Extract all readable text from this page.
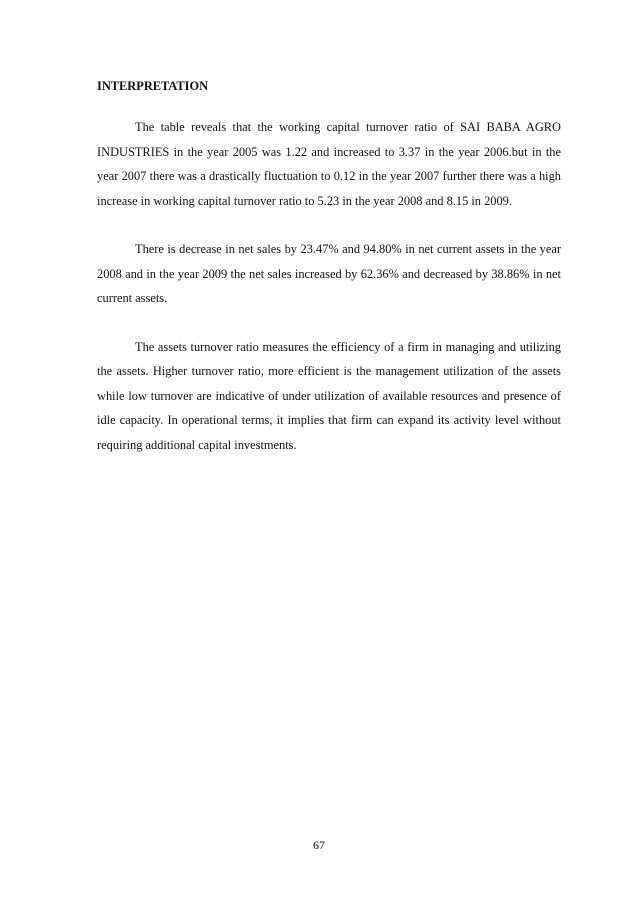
INTERPRETATION

The table reveals that the working capital turnover ratio of SAI BABA AGRO INDUSTRIES in the year 2005 was 1.22 and increased to 3.37 in the year 2006.but in the year 2007 there was a drastically fluctuation to 0.12 in the year 2007 further there was a high increase in working capital turnover ratio to 5.23 in the year 2008 and 8.15 in 2009.

There is decrease in net sales by 23.47% and 94.80% in net current assets in the year 2008 and in the year 2009 the net sales increased by 62.36% and decreased by 38.86% in net current assets.

The assets turnover ratio measures the efficiency of a firm in managing and utilizing the assets. Higher turnover ratio, more efficient is the management utilization of the assets while low turnover are indicative of under utilization of available resources and presence of idle capacity. In operational terms, it implies that firm can expand its activity level without requiring additional capital investments.

67
